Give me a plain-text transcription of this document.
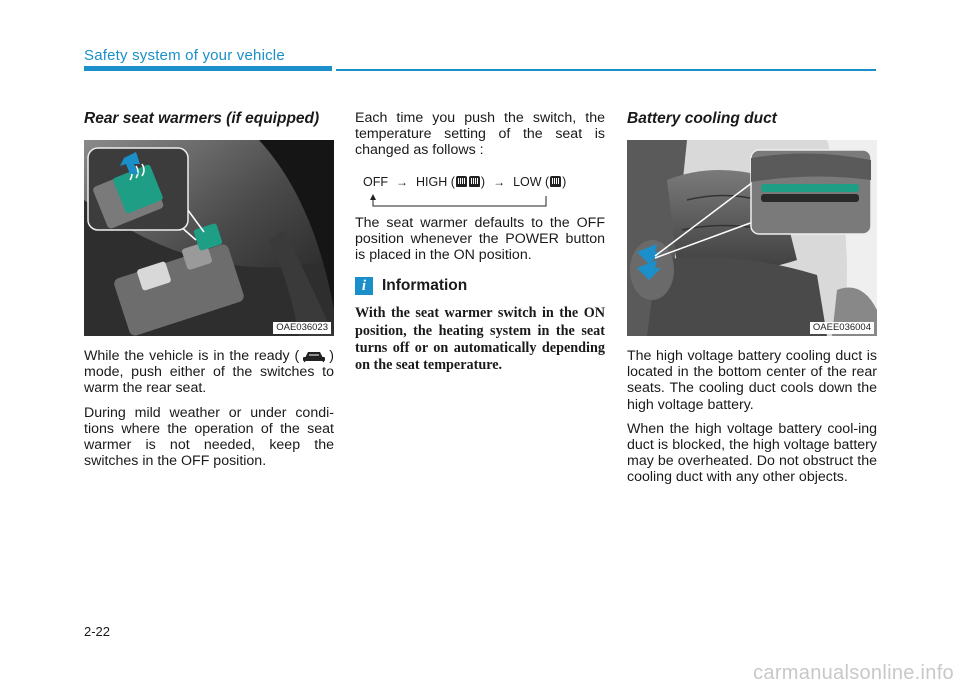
Safety system of your vehicle
Rear seat warmers (if equipped)
OAE036023

While the vehicle is in the ready ( ) mode, push either of the switches to warm the rear seat.

During mild weather or under condi-tions where the operation of the seat warmer is not needed, keep the switches in the OFF position.

Each time you push the switch, the temperature setting of the seat is changed as follows :

OFF → HIGH ( ) → LOW ( )

The seat warmer defaults to the OFF position whenever the POWER button is placed in the ON position.

i	Information

With the seat warmer switch in the ON position, the heating system in the seat turns off or on automatically depending on the seat temperature.

Battery cooling duct
OAEE036004

The high voltage battery cooling duct is located in the bottom center of the rear seats. The cooling duct cools down the high voltage battery.

When the high voltage battery cool-ing duct is blocked, the high voltage battery may be overheated. Do not obstruct the cooling duct with any other objects.

2-22
carmanualsonline.info
